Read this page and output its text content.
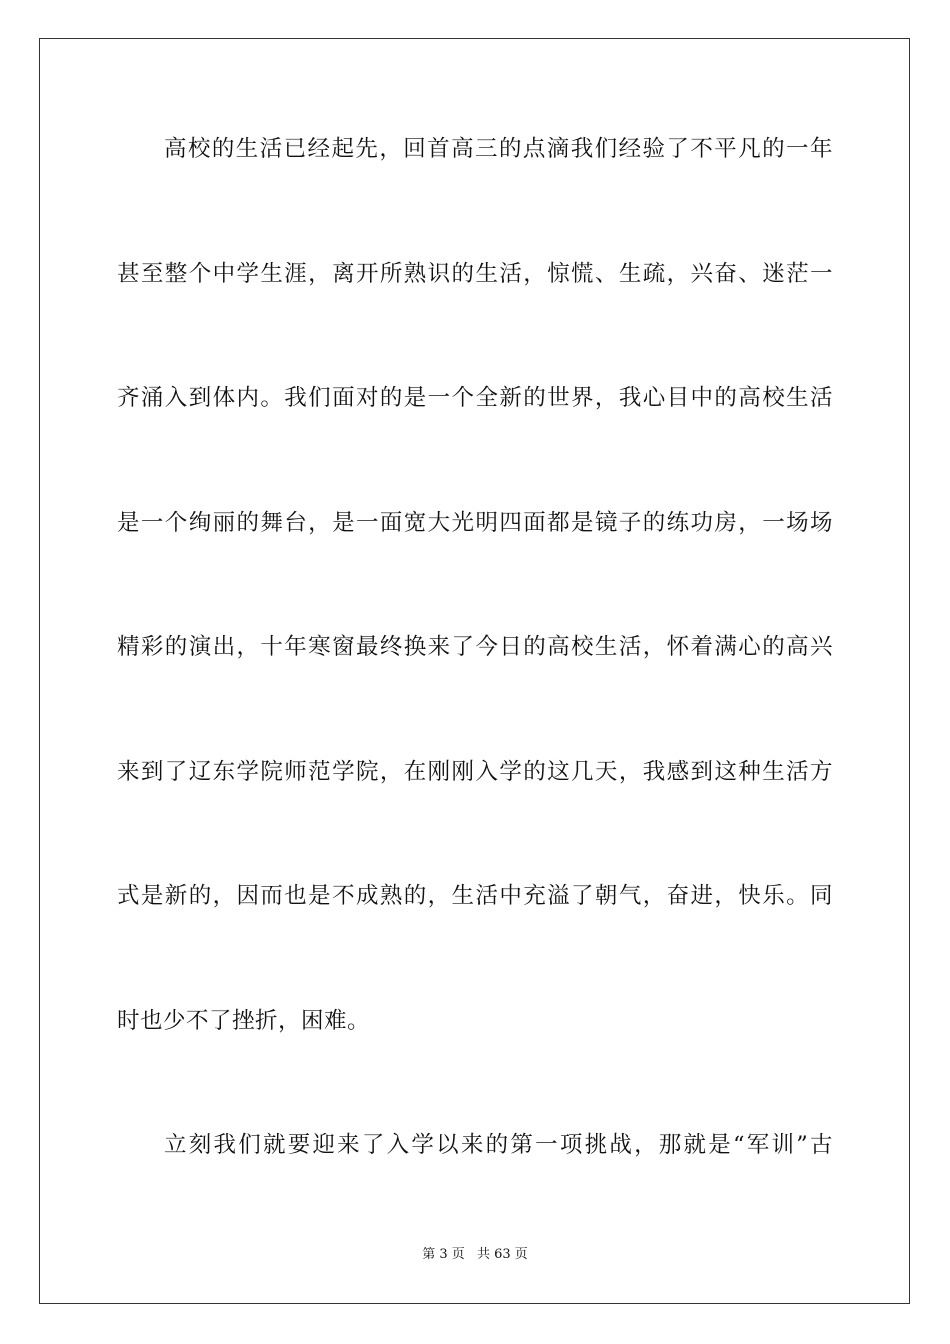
高校的生活已经起先，回首高三的点滴我们经验了不平凡的一年
甚至整个中学生涯，离开所熟识的生活，惊慌、生疏，兴奋、迷茫一
齐涌入到体内。我们面对的是一个全新的世界，我心目中的高校生活
是一个绚丽的舞台，是一面宽大光明四面都是镜子的练功房，一场场
精彩的演出，十年寒窗最终换来了今日的高校生活，怀着满心的高兴
来到了辽东学院师范学院，在刚刚入学的这几天，我感到这种生活方
式是新的，因而也是不成熟的，生活中充溢了朝气，奋进，快乐。同
时也少不了挫折，困难。
立刻我们就要迎来了入学以来的第一项挑战，那就是“军训”古
第 3 页 共 63 页
